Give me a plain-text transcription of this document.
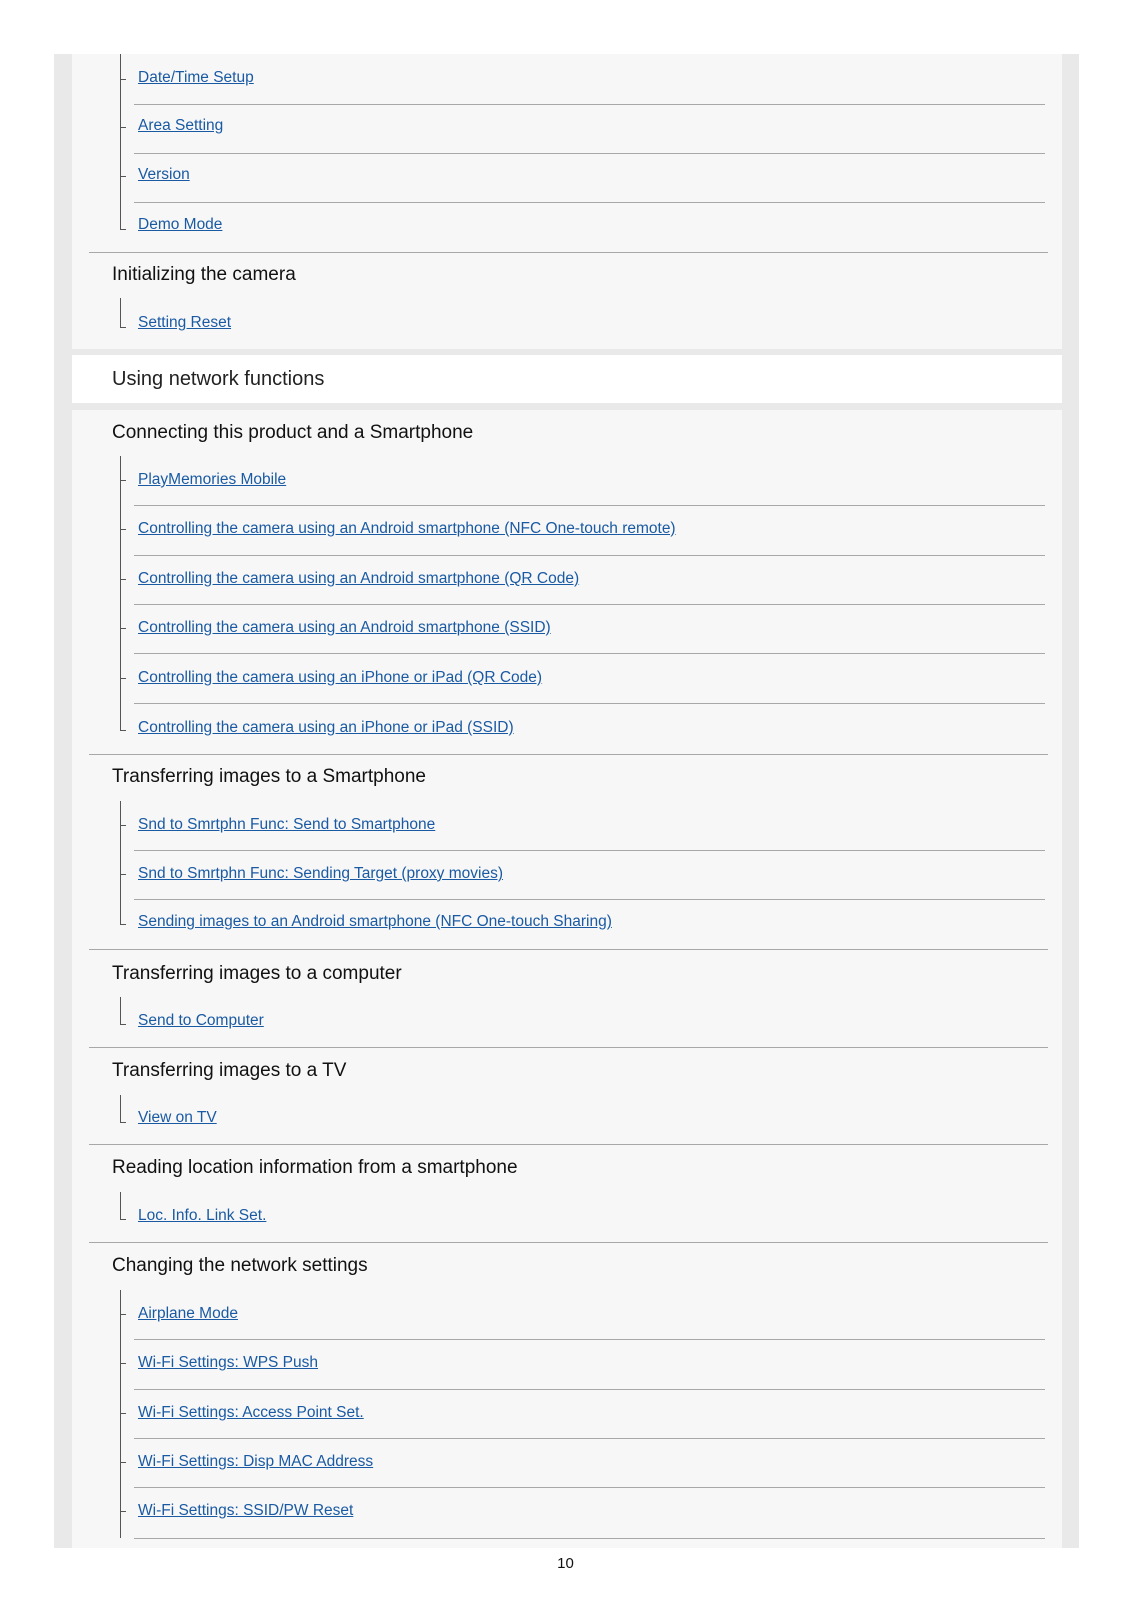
Using network functions
Date/Time Setup
Area Setting
Version
Demo Mode
Initializing the camera
Setting Reset
Connecting this product and a Smartphone
PlayMemories Mobile
Controlling the camera using an Android smartphone (NFC One-touch remote)
Controlling the camera using an Android smartphone (QR Code)
Controlling the camera using an Android smartphone (SSID)
Controlling the camera using an iPhone or iPad (QR Code)
Controlling the camera using an iPhone or iPad (SSID)
Transferring images to a Smartphone
Snd to Smrtphn Func: Send to Smartphone
Snd to Smrtphn Func: Sending Target (proxy movies)
Sending images to an Android smartphone (NFC One-touch Sharing)
Transferring images to a computer
Send to Computer
Transferring images to a TV
View on TV
Reading location information from a smartphone
Loc. Info. Link Set.
Changing the network settings
Airplane Mode
Wi-Fi Settings: WPS Push
Wi-Fi Settings: Access Point Set.
Wi-Fi Settings: Disp MAC Address
Wi-Fi Settings: SSID/PW Reset
10
